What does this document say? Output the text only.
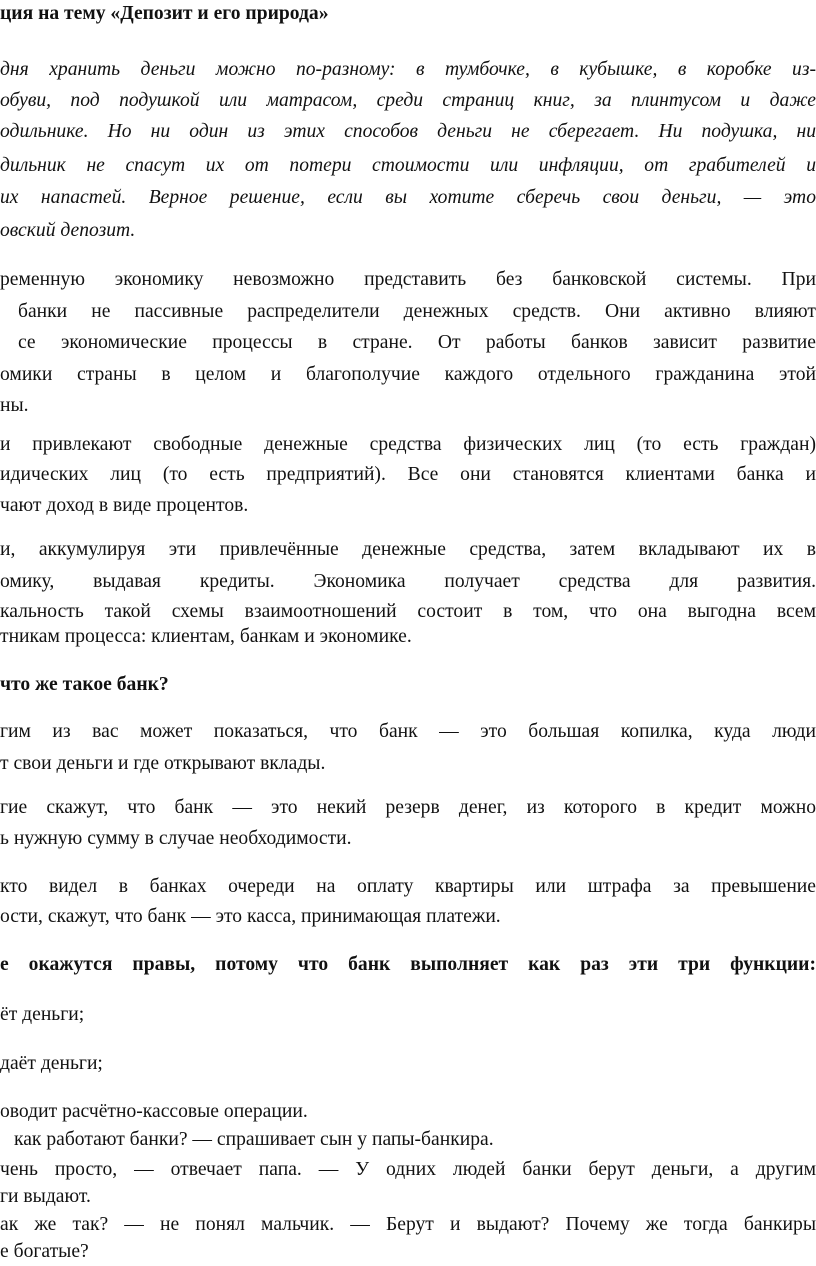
ция на тему «Депозит и его природа»
дня хранить деньги можно по-разному: в тумбочке, в кубышке, в коробке из-
обуви, под подушкой или матрасом, среди страниц книг, за плинтусом и даже
одильнике. Но ни один из этих способов деньги не сберегает. Ни подушка, ни
дильник не спасут их от потери стоимости или инфляции, от грабителей и
их напастей. Верное решение, если вы хотите сберечь свои деньги, — это
овский депозит.
ременную экономику невозможно представить без банковской системы. При
банки не пассивные распределители денежных средств. Они активно влияют
се экономические процессы в стране. От работы банков зависит развитие
омики страны в целом и благополучие каждого отдельного гражданина этой
ны.
и привлекают свободные денежные средства физических лиц (то есть граждан)
идических лиц (то есть предприятий). Все они становятся клиентами банка и
чают доход в виде процентов.
и, аккумулируя эти привлечённые денежные средства, затем вкладывают их в
омику, выдавая кредиты. Экономика получает средства для развития.
кальность такой схемы взаимоотношений состоит в том, что она выгодна всем
тникам процесса: клиентам, банкам и экономике.
что же такое банк?
гим из вас может показаться, что банк — это большая копилка, куда люди
т свои деньги и где открывают вклады.
гие скажут, что банк — это некий резерв денег, из которого в кредит можно
ь нужную сумму в случае необходимости.
кто видел в банках очереди на оплату квартиры или штрафа за превышение
ости, скажут, что банк — это касса, принимающая платежи.
е окажутся правы, потому что банк выполняет как раз эти три функции:
ёт деньги;
даёт деньги;
оводит расчётно-кассовые операции.
как работают банки? — спрашивает сын у папы-банкира.
чень просто, — отвечает папа. — У одних людей банки берут деньги, а другим
ги выдают.
ак же так? — не понял мальчик. — Берут и выдают? Почему же тогда банкиры
е богатые?
